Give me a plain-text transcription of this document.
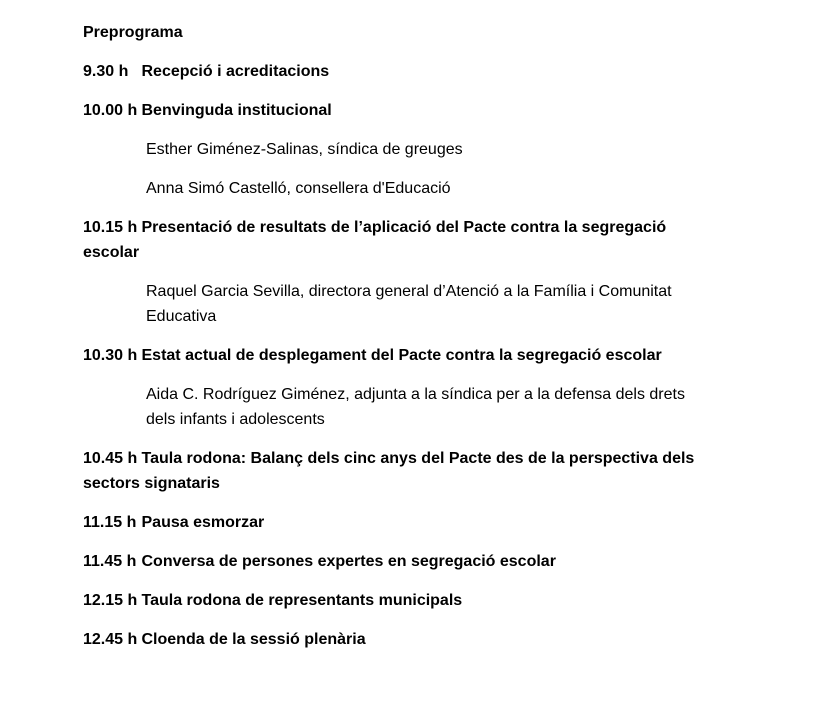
Preprograma

9.30 h Recepció i acreditacions

10.00 h Benvinguda institucional

Esther Giménez-Salinas, síndica de greuges

Anna Simó Castelló, consellera d'Educació

10.15 h Presentació de resultats de l’aplicació del Pacte contra la segregació escolar

Raquel Garcia Sevilla, directora general d’Atenció a la Família i Comunitat Educativa

10.30 h Estat actual de desplegament del Pacte contra la segregació escolar

Aida C. Rodríguez Giménez, adjunta a la síndica per a la defensa dels drets dels infants i adolescents

10.45 h Taula rodona: Balanç dels cinc anys del Pacte des de la perspectiva dels sectors signataris

11.15 h Pausa esmorzar

11.45 h Conversa de persones expertes en segregació escolar

12.15 h Taula rodona de representants municipals

12.45 h Cloenda de la sessió plenària
